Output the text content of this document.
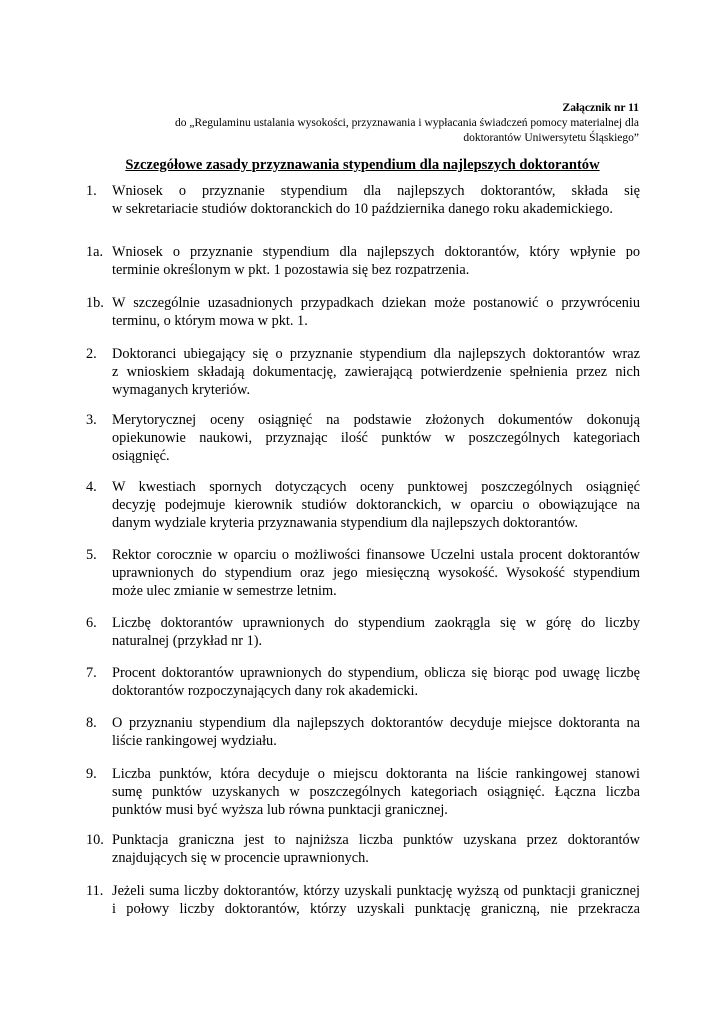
Załącznik nr 11
do „Regulaminu ustalania wysokości, przyznawania i wypłacania świadczeń pomocy materialnej dla
doktorantów Uniwersytetu Śląskiego”
Szczegółowe zasady przyznawania stypendium dla najlepszych doktorantów
1. Wniosek o przyznanie stypendium dla najlepszych doktorantów, składa się
w sekretariacie studiów doktoranckich do 10 października danego roku akademickiego.
1a. Wniosek o przyznanie stypendium dla najlepszych doktorantów, który wpłynie po
terminie określonym w pkt. 1 pozostawia się bez rozpatrzenia.
1b. W szczególnie uzasadnionych przypadkach dziekan może postanowić o przywróceniu
terminu, o którym mowa w pkt. 1.
2. Doktoranci ubiegający się o przyznanie stypendium dla najlepszych doktorantów wraz
z wnioskiem składają dokumentację, zawierającą potwierdzenie spełnienia przez nich
wymaganych kryteriów.
3. Merytorycznej oceny osiągnięć na podstawie złożonych dokumentów dokonują
opiekunowie naukowi, przyznając ilość punktów w poszczególnych kategoriach
osiągnięć.
4. W kwestiach spornych dotyczących oceny punktowej poszczególnych osiągnięć
decyzję podejmuje kierownik studiów doktoranckich, w oparciu o obowiązujące na
danym wydziale kryteria przyznawania stypendium dla najlepszych doktorantów.
5. Rektor corocznie w oparciu o możliwości finansowe Uczelni ustala procent doktorantów
uprawnionych do stypendium oraz jego miesięczną wysokość. Wysokość stypendium
może ulec zmianie w semestrze letnim.
6. Liczbę doktorantów uprawnionych do stypendium zaokrągla się w górę do liczby
naturalnej (przykład nr 1).
7. Procent doktorantów uprawnionych do stypendium, oblicza się biorąc pod uwagę liczbę
doktorantów rozpoczynających dany rok akademicki.
8. O przyznaniu stypendium dla najlepszych doktorantów decyduje miejsce doktoranta na
liście rankingowej wydziału.
9. Liczba punktów, która decyduje o miejscu doktoranta na liście rankingowej stanowi
sumę punktów uzyskanych w poszczególnych kategoriach osiągnięć. Łączna liczba
punktów musi być wyższa lub równa punktacji granicznej.
10. Punktacja graniczna jest to najniższa liczba punktów uzyskana przez doktorantów
znajdujących się w procencie uprawnionych.
11. Jeżeli suma liczby doktorantów, którzy uzyskali punktację wyższą od punktacji granicznej
i połowy liczby doktorantów, którzy uzyskali punktację graniczną, nie przekracza
